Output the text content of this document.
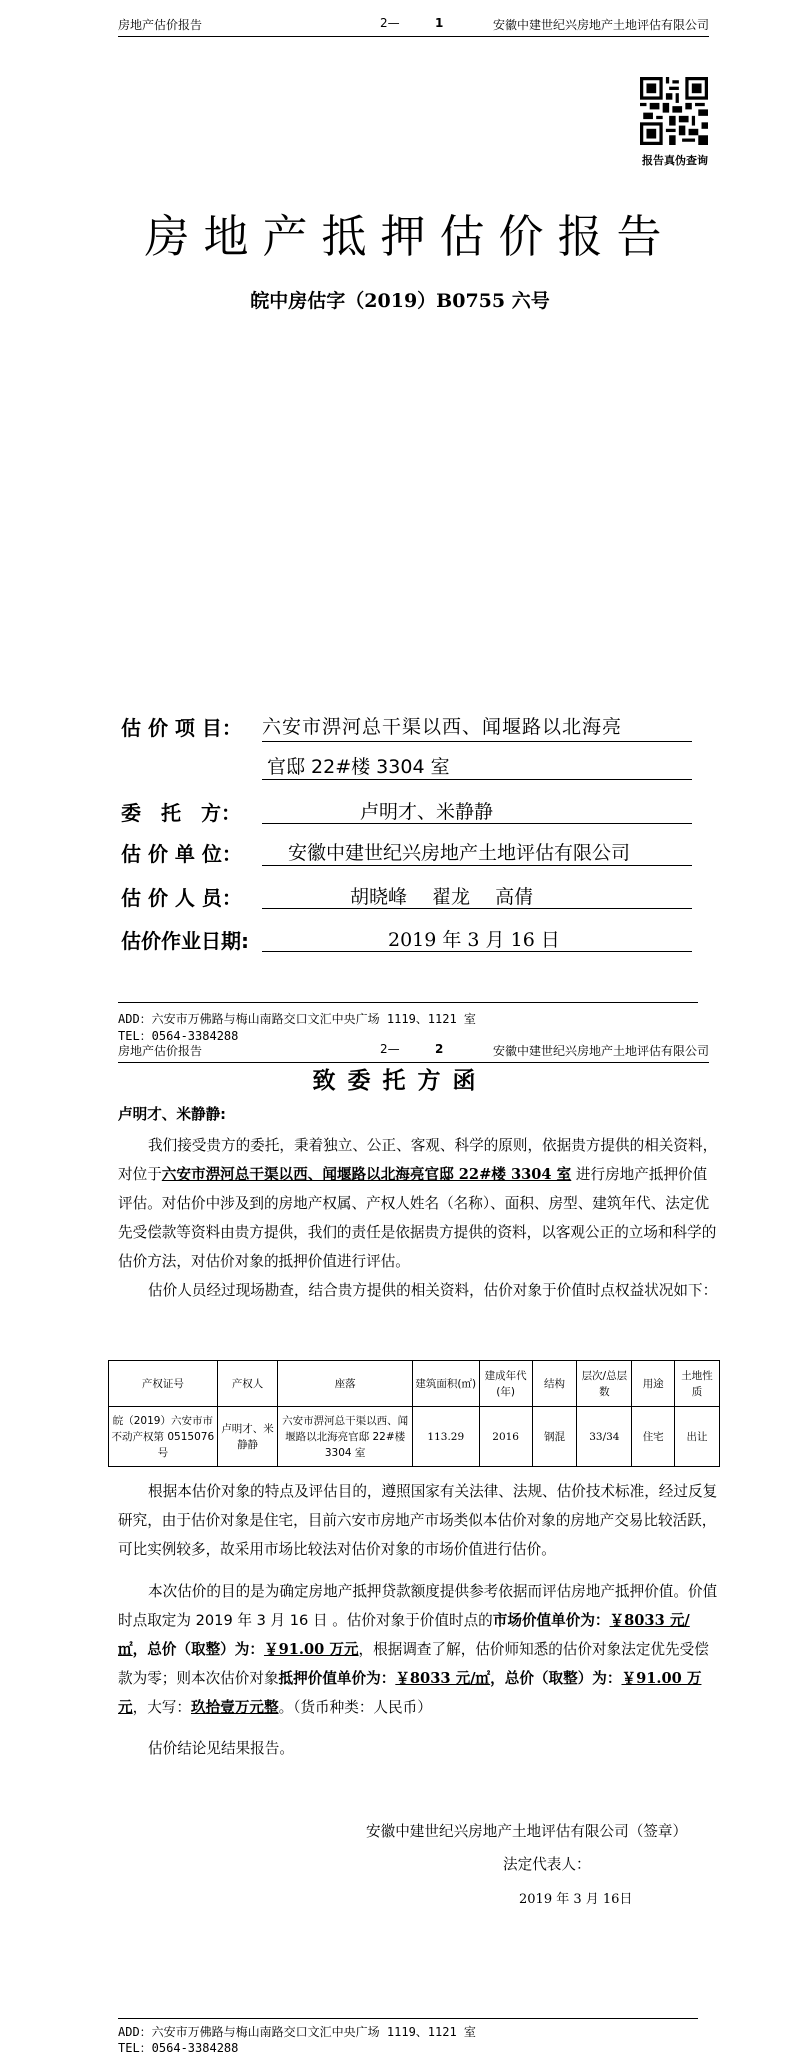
房地产估价报告	2—	1	安徽中建世纪兴房地产土地评估有限公司
报告真伪查询
房地产抵押估价报告
皖中房估字（2019）B0755 六号
估 价 项 目： 六安市淠河总干渠以西、闻堰路以北海亮
官邸 22#楼 3304 室
委　托　方：	卢明才、米静静
估 价 单 位： 安徽中建世纪兴房地产土地评估有限公司
估 价 人 员：	胡晓峰　 翟龙　 高倩
估价作业日期:	2019 年 3 月 16 日
ADD：六安市万佛路与梅山南路交口文汇中央广场 1119、1121 室
TEL：0564-3384288
房地产估价报告	2—	2	安徽中建世纪兴房地产土地评估有限公司
致委托方函
卢明才、米静静:

我们接受贵方的委托，秉着独立、公正、客观、科学的原则，依据贵方提供的相关资料，对位于六安市淠河总干渠以西、闻堰路以北海亮官邸 22#楼 3304 室 进行房地产抵押价值评估。对估价中涉及到的房地产权属、产权人姓名（名称）、面积、房型、建筑年代、法定优先受偿款等资料由贵方提供，我们的责任是依据贵方提供的资料，以客观公正的立场和科学的估价方法，对估价对象的抵押价值进行评估。

估价人员经过现场勘查，结合贵方提供的相关资料，估价对象于价值时点权益状况如下：

产权证号	产权人	座落	建筑面积(㎡)	建成年代(年)	结构	层次/总层数	用途	土地性质
皖（2019）六安市市不动产权第 0515076 号	卢明才、米静静	六安市淠河总干渠以西、闻堰路以北海亮官邸 22#楼 3304 室	113.29	2016	钢混	33/34	住宅	出让

根据本估价对象的特点及评估目的，遵照国家有关法律、法规、估价技术标准，经过反复研究，由于估价对象是住宅，目前六安市房地产市场类似本估价对象的房地产交易比较活跃，可比实例较多，故采用市场比较法对估价对象的市场价值进行估价。

本次估价的目的是为确定房地产抵押贷款额度提供参考依据而评估房地产抵押价值。价值时点取定为 2019 年 3 月 16 日 。估价对象于价值时点的市场价值单价为：￥8033 元/㎡，总价（取整）为：￥91.00 万元，根据调查了解，估价师知悉的估价对象法定优先受偿款为零；则本次估价对象抵押价值单价为：￥8033 元/㎡，总价（取整）为：￥91.00 万元，大写：玖拾壹万元整。（货币种类：人民币）

估价结论见结果报告。

安徽中建世纪兴房地产土地评估有限公司（签章）
法定代表人：
2019 年 3 月 16日
ADD：六安市万佛路与梅山南路交口文汇中央广场 1119、1121 室
TEL：0564-3384288
